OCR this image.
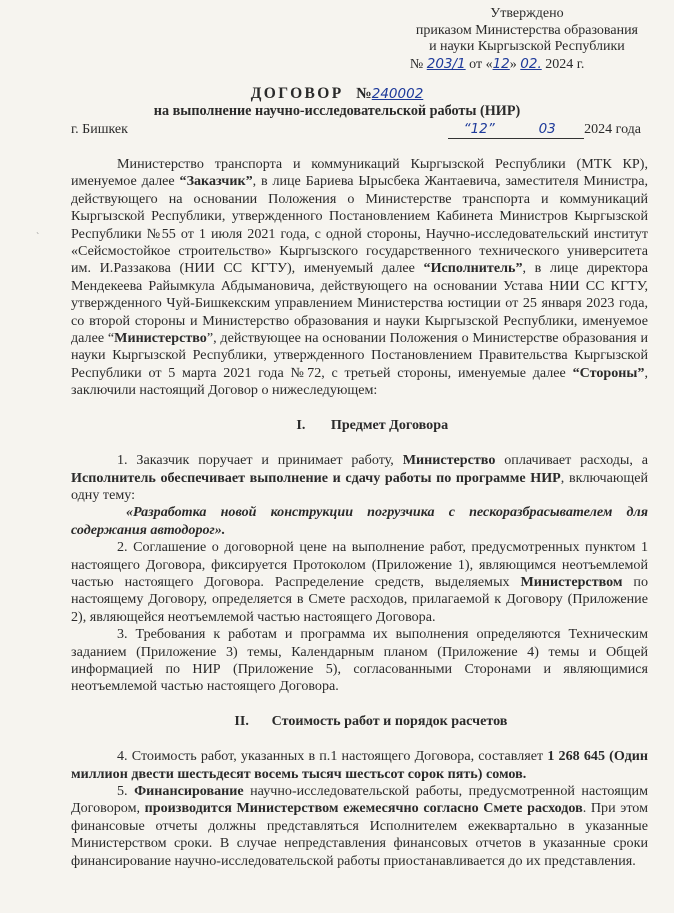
Утверждено
приказом Министерства образования
и науки Кыргызской Республики
№ 203/1 от «12» 02. 2024 г.
ДОГОВОР №240002
на выполнение научно-исследовательской работы (НИР)
г. Бишкек	“12”	03 2024 года
`

Министерство транспорта и коммуникаций Кыргызской Республики (МТК КР), именуемое далее “Заказчик”, в лице Бариева Ырысбека Жантаевича, заместителя Министра, действующего на основании Положения о Министерстве транспорта и коммуникаций Кыргызской Республики, утвержденного Постановлением Кабинета Министров Кыргызской Республики №55 от 1 июля 2021 года, с одной стороны, Научно-исследовательский институт «Сейсмостойкое строительство» Кыргызского государственного технического университета им. И.Раззакова (НИИ СС КГТУ), именуемый далее “Исполнитель”, в лице директора Мендекеева Райымкула Абдымановича, действующего на основании Устава НИИ СС КГТУ, утвержденного Чуй-Бишкекским управлением Министерства юстиции от 25 января 2023 года, со второй стороны и Министерство образования и науки Кыргызской Республики, именуемое далее “Министерство”, действующее на основании Положения о Министерстве образования и науки Кыргызской Республики, утвержденного Постановлением Правительства Кыргызской Республики от 5 марта 2021 года №72, с третьей стороны, именуемые далее “Стороны”, заключили настоящий Договор о нижеследующем:

I. Предмет Договора

1. Заказчик поручает и принимает работу, Министерство оплачивает расходы, а Исполнитель обеспечивает выполнение и сдачу работы по программе НИР, включающей одну тему:

«Разработка новой конструкции погрузчика с пескоразбрасывателем для содержания автодорог».

2. Соглашение о договорной цене на выполнение работ, предусмотренных пунктом 1 настоящего Договора, фиксируется Протоколом (Приложение 1), являющимся неотъемлемой частью настоящего Договора. Распределение средств, выделяемых Министерством по настоящему Договору, определяется в Смете расходов, прилагаемой к Договору (Приложение 2), являющейся неотъемлемой частью настоящего Договора.

3. Требования к работам и программа их выполнения определяются Техническим заданием (Приложение 3) темы, Календарным планом (Приложение 4) темы и Общей информацией по НИР (Приложение 5), согласованными Сторонами и являющимися неотъемлемой частью настоящего Договора.

II. Стоимость работ и порядок расчетов

4. Стоимость работ, указанных в п.1 настоящего Договора, составляет 1 268 645 (Один миллион двести шестьдесят восемь тысяч шестьсот сорок пять) сомов.

5. Финансирование научно-исследовательской работы, предусмотренной настоящим Договором, производится Министерством ежемесячно согласно Смете расходов. При этом финансовые отчеты должны представляться Исполнителем ежеквартально в указанные Министерством сроки. В случае непредставления финансовых отчетов в указанные сроки финансирование научно-исследовательской работы приостанавливается до их представления.
